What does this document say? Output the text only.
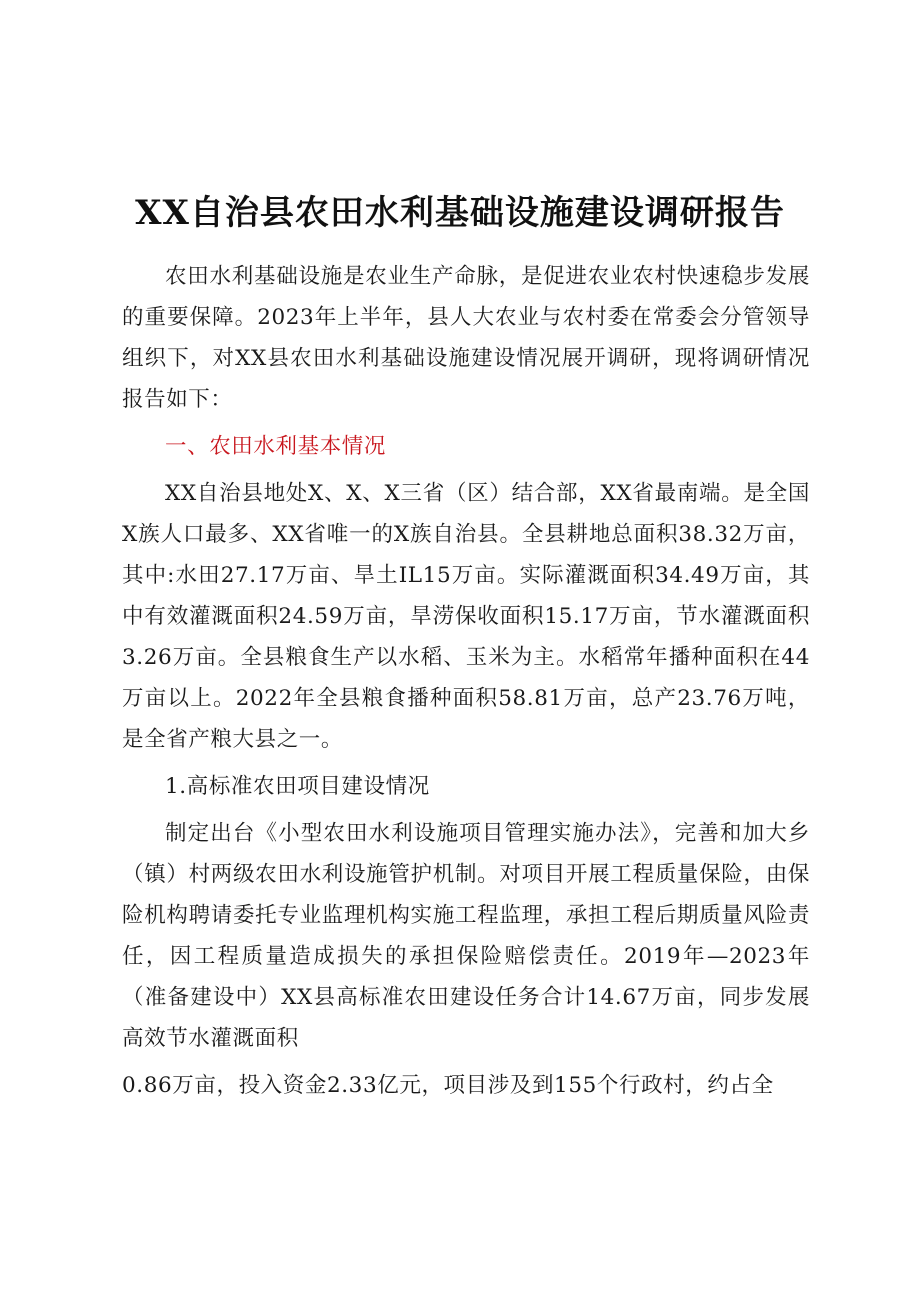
XX自治县农田水利基础设施建设调研报告

农田水利基础设施是农业生产命脉，是促进农业农村快速稳步发展的重要保障。2023年上半年，县人大农业与农村委在常委会分管领导组织下，对XX县农田水利基础设施建设情况展开调研，现将调研情况报告如下：

一、农田水利基本情况

XX自治县地处X、X、X三省（区）结合部，XX省最南端。是全国X族人口最多、XX省唯一的X族自治县。全县耕地总面积38.32万亩，其中:水田27.17万亩、旱土IL15万亩。实际灌溉面积34.49万亩，其中有效灌溉面积24.59万亩，旱涝保收面积15.17万亩，节水灌溉面积3.26万亩。全县粮食生产以水稻、玉米为主。水稻常年播种面积在44万亩以上。2022年全县粮食播种面积58.81万亩，总产23.76万吨，是全省产粮大县之一。

1.高标准农田项目建设情况

制定出台《小型农田水利设施项目管理实施办法》，完善和加大乡（镇）村两级农田水利设施管护机制。对项目开展工程质量保险，由保险机构聘请委托专业监理机构实施工程监理，承担工程后期质量风险责任，因工程质量造成损失的承担保险赔偿责任。2019年—2023年（准备建设中）XX县高标准农田建设任务合计14.67万亩，同步发展高效节水灌溉面积

0.86万亩，投入资金2.33亿元，项目涉及到155个行政村，约占全
